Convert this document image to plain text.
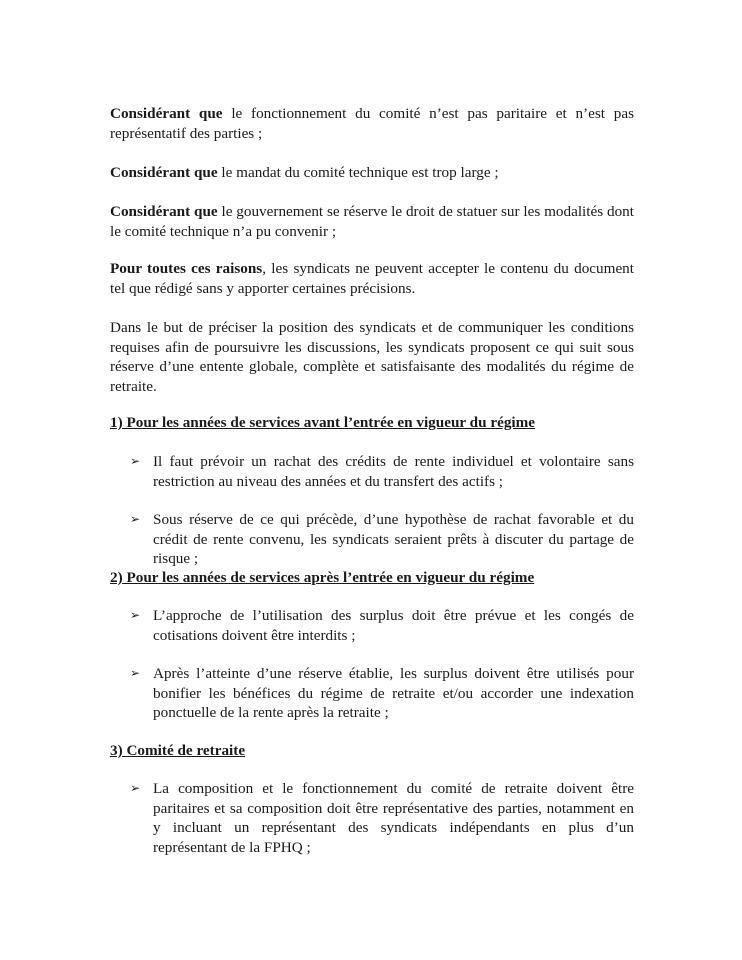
Considérant que le fonctionnement du comité n’est pas paritaire et n’est pas représentatif des parties ;

Considérant que le mandat du comité technique est trop large ;

Considérant que le gouvernement se réserve le droit de statuer sur les modalités dont le comité technique n’a pu convenir ;

Pour toutes ces raisons, les syndicats ne peuvent accepter le contenu du document tel que rédigé sans y apporter certaines précisions.

Dans le but de préciser la position des syndicats et de communiquer les conditions requises afin de poursuivre les discussions, les syndicats proposent ce qui suit sous réserve d’une entente globale, complète et satisfaisante des modalités du régime de retraite.

1) Pour les années de services avant l’entrée en vigueur du régime

➢ Il faut prévoir un rachat des crédits de rente individuel et volontaire sans restriction au niveau des années et du transfert des actifs ;
➢ Sous réserve de ce qui précède, d’une hypothèse de rachat favorable et du crédit de rente convenu, les syndicats seraient prêts à discuter du partage de risque ;

2) Pour les années de services après l’entrée en vigueur du régime

➢ L’approche de l’utilisation des surplus doit être prévue et les congés de cotisations doivent être interdits ;
➢ Après l’atteinte d’une réserve établie, les surplus doivent être utilisés pour bonifier les bénéfices du régime de retraite et/ou accorder une indexation ponctuelle de la rente après la retraite ;

3) Comité de retraite

➢ La composition et le fonctionnement du comité de retraite doivent être paritaires et sa composition doit être représentative des parties, notamment en y incluant un représentant des syndicats indépendants en plus d’un représentant de la FPHQ ;
